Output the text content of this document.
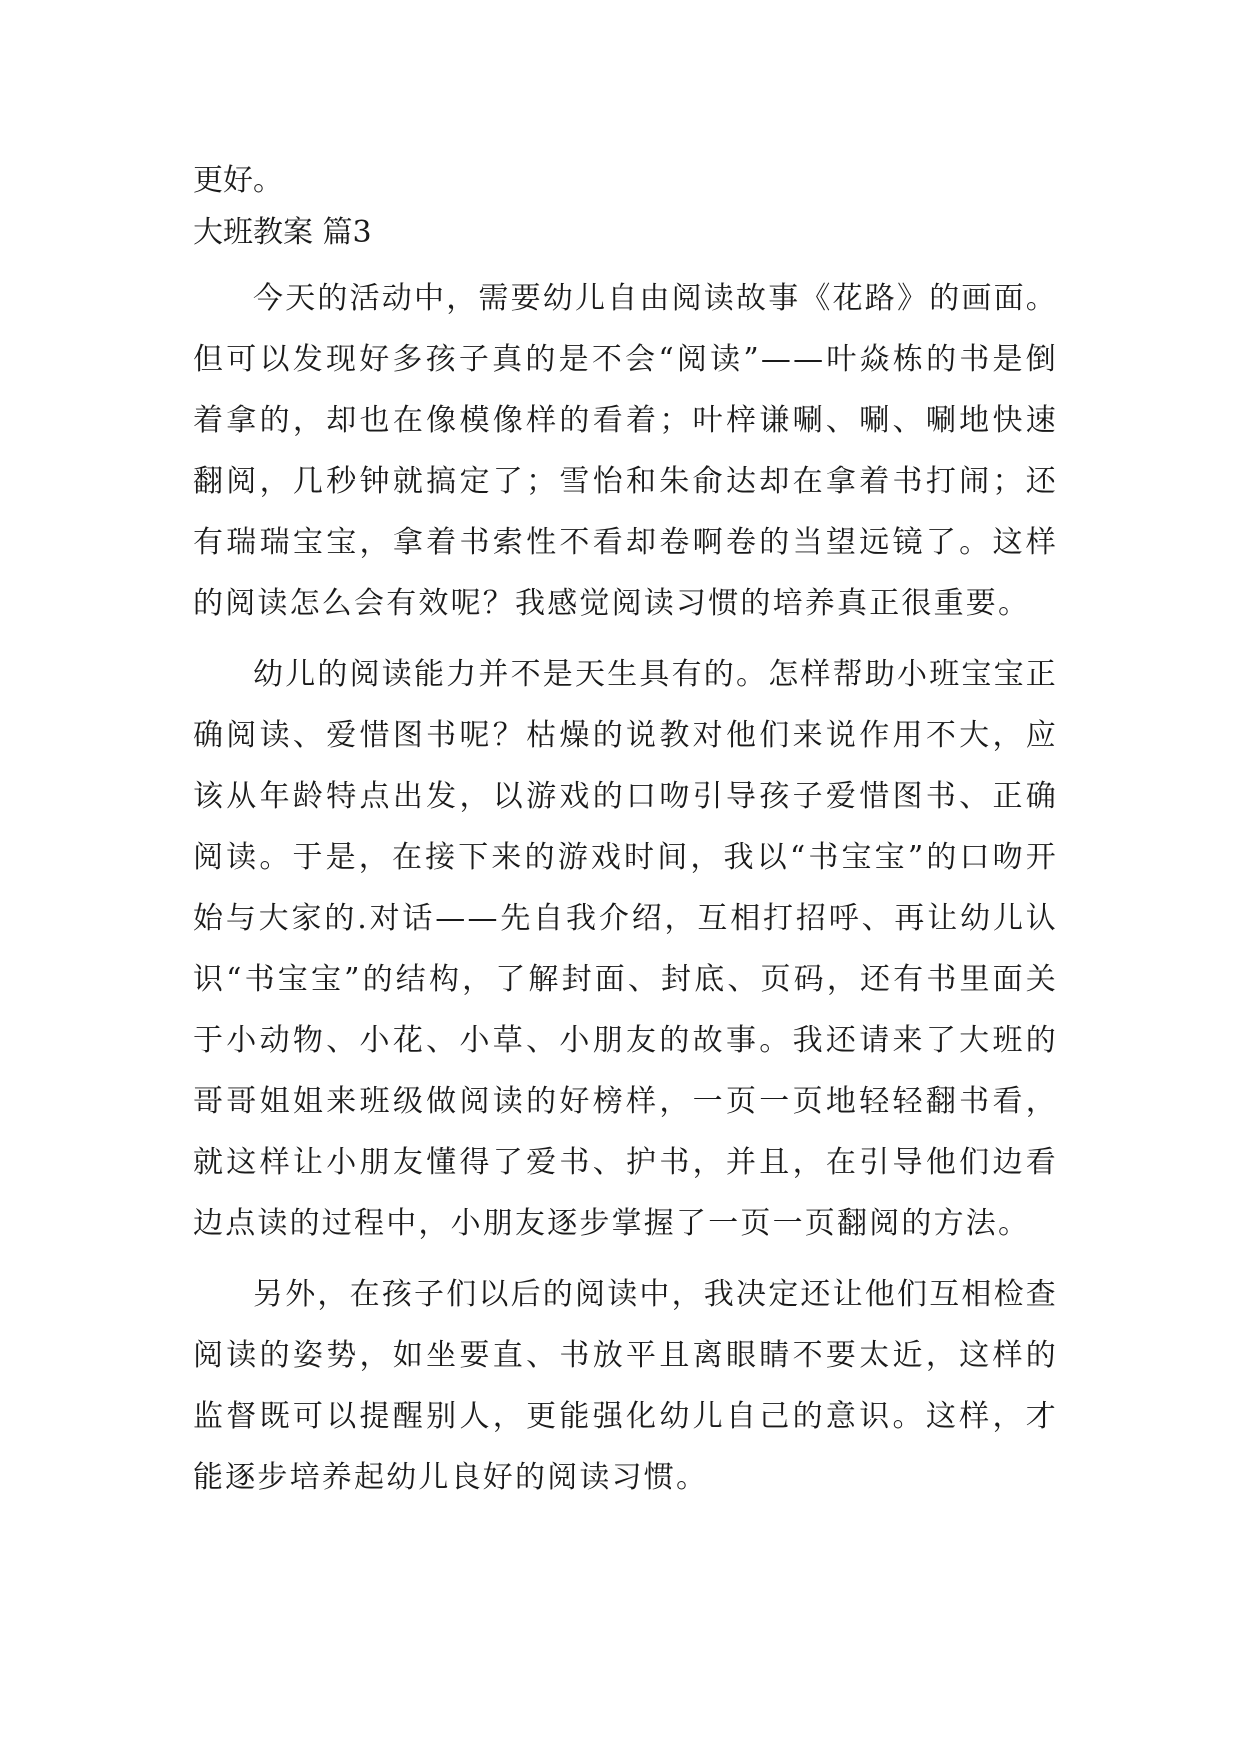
更好。

大班教案 篇3

今天的活动中，需要幼儿自由阅读故事《花路》的画面。但可以发现好多孩子真的是不会“阅读”——叶焱栋的书是倒着拿的，却也在像模像样的看着；叶梓谦唰、唰、唰地快速翻阅，几秒钟就搞定了；雪怡和朱俞达却在拿着书打闹；还有瑞瑞宝宝，拿着书索性不看却卷啊卷的当望远镜了。这样的阅读怎么会有效呢？我感觉阅读习惯的培养真正很重要。

幼儿的阅读能力并不是天生具有的。怎样帮助小班宝宝正确阅读、爱惜图书呢？枯燥的说教对他们来说作用不大，应该从年龄特点出发，以游戏的口吻引导孩子爱惜图书、正确阅读。于是，在接下来的游戏时间，我以“书宝宝”的口吻开始与大家的.对话——先自我介绍，互相打招呼、再让幼儿认识“书宝宝”的结构，了解封面、封底、页码，还有书里面关于小动物、小花、小草、小朋友的故事。我还请来了大班的哥哥姐姐来班级做阅读的好榜样，一页一页地轻轻翻书看，就这样让小朋友懂得了爱书、护书，并且，在引导他们边看边点读的过程中，小朋友逐步掌握了一页一页翻阅的方法。

另外，在孩子们以后的阅读中，我决定还让他们互相检查阅读的姿势，如坐要直、书放平且离眼睛不要太近，这样的监督既可以提醒别人，更能强化幼儿自己的意识。这样，才能逐步培养起幼儿良好的阅读习惯。
